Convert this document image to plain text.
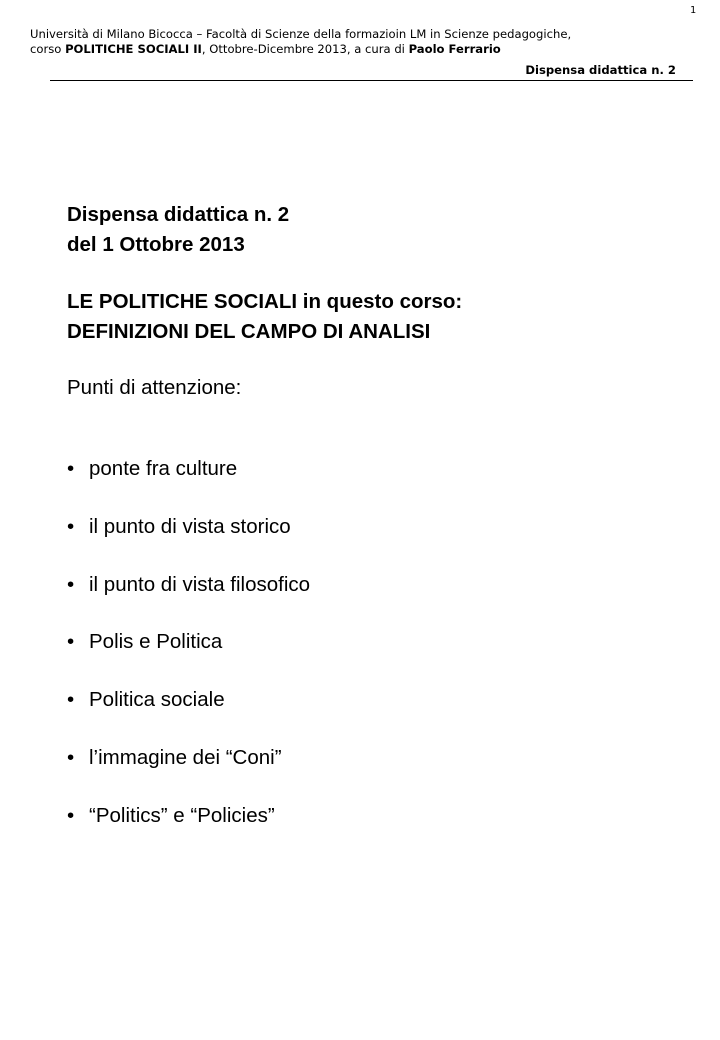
1
Università di Milano Bicocca – Facoltà di Scienze della formazioin LM in Scienze pedagogiche,
corso POLITICHE SOCIALI II, Ottobre-Dicembre 2013, a cura di Paolo Ferrario
Dispensa didattica n. 2
Dispensa didattica n. 2
del 1 Ottobre 2013
LE POLITICHE SOCIALI in questo corso:
DEFINIZIONI DEL CAMPO DI ANALISI
Punti di attenzione:
• ponte fra culture
• il punto di vista storico
• il punto di vista filosofico
• Polis e Politica
• Politica sociale
• l’immagine dei “Coni”
• “Politics” e “Policies”
